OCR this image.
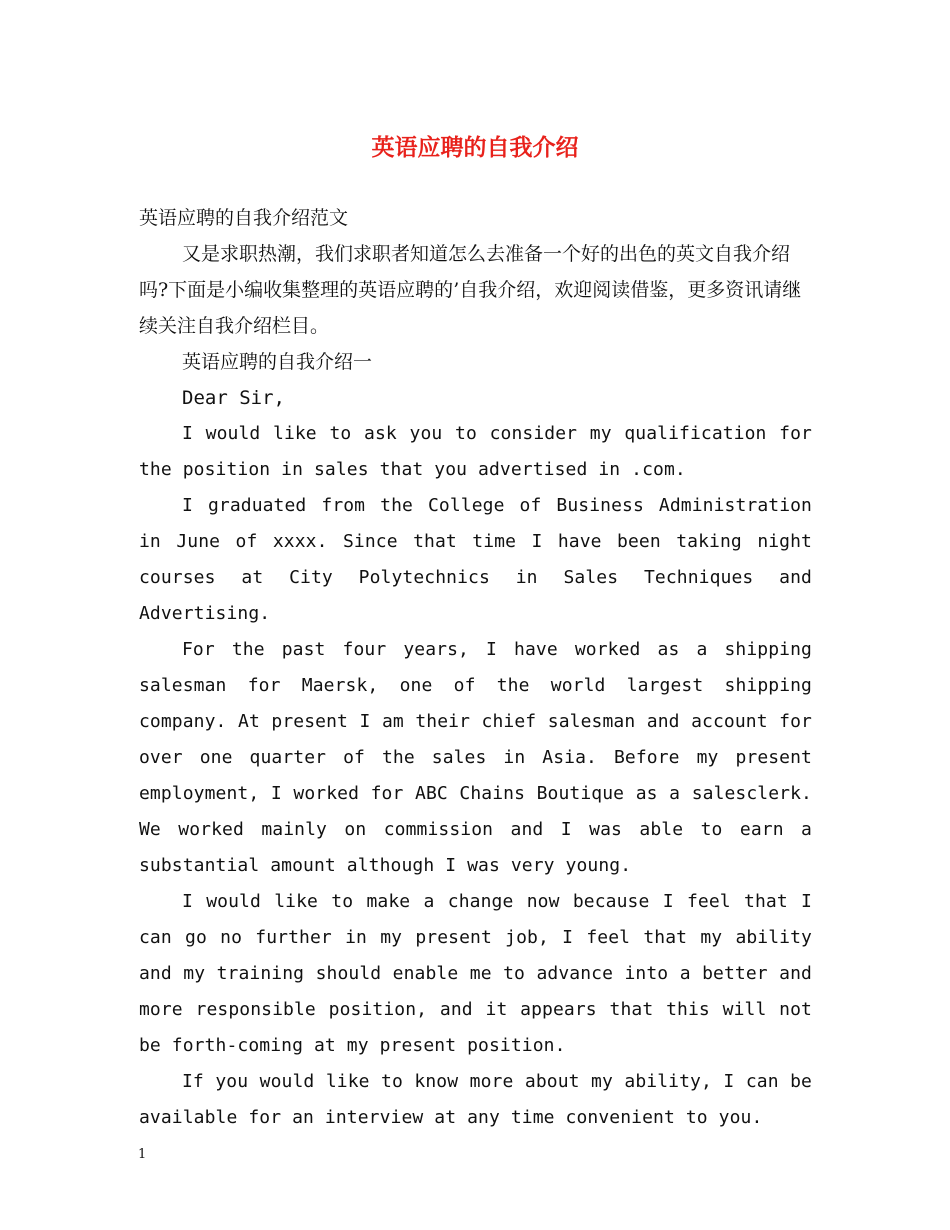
英语应聘的自我介绍

英语应聘的自我介绍范文

又是求职热潮，我们求职者知道怎么去准备一个好的出色的英文自我介绍吗?下面是小编收集整理的英语应聘的’自我介绍，欢迎阅读借鉴，更多资讯请继续关注自我介绍栏目。

英语应聘的自我介绍一

Dear Sir,

I would like to ask you to consider my qualification for the position in sales that you advertised in .com.

I graduated from the College of Business Administration in June of xxxx. Since that time I have been taking night courses at City Polytechnics in Sales Techniques and Advertising.

For the past four years, I have worked as a shipping salesman for Maersk, one of the world largest shipping company. At present I am their chief salesman and account for over one quarter of the sales in Asia. Before my present employment, I worked for ABC Chains Boutique as a salesclerk. We worked mainly on commission and I was able to earn a substantial amount although I was very young.

I would like to make a change now because I feel that I can go no further in my present job, I feel that my ability and my training should enable me to advance into a better and more responsible position, and it appears that this will not be forth-coming at my present position.

If you would like to know more about my ability, I can be available for an interview at any time convenient to you.

1
